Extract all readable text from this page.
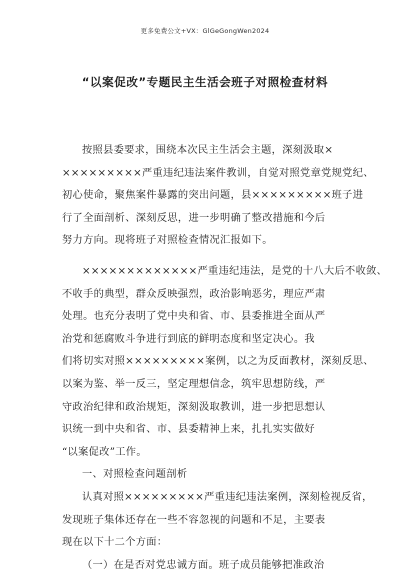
更多免费公文+VX：GlGeGongWen2024
“以案促改”专题民主生活会班子对照检查材料
按照县委要求，围绕本次民主生活会主题，深刻汲取×
×××××××××严重违纪违法案件教训，自觉对照党章党规党纪、
初心使命，聚焦案件暴露的突出问题，县×××××××××班子进
行了全面剖析、深刻反思，进一步明确了整改措施和今后
努力方向。现将班子对照检查情况汇报如下。
×××××××××××××严重违纪违法，是党的十八大后不收敛、
不收手的典型，群众反映强烈，政治影响恶劣，理应严肃
处理。也充分表明了党中央和省、市、县委推进全面从严
治党和惩腐败斗争进行到底的鲜明态度和坚定决心。我
们将切实对照×××××××××案例，以之为反面教材，深刻反思、
以案为鉴、举一反三，坚定理想信念，筑牢思想防线，严
守政治纪律和政治规矩，深刻汲取教训，进一步把思想认
识统一到中央和省、市、县委精神上来，扎扎实实做好
“以案促改”工作。
一、对照检查问题剖析
认真对照×××××××××严重违纪违法案例，深刻检视反省，
发现班子集体还存在一些不容忽视的问题和不足，主要表
现在以下十二个方面：
（一）在是否对党忠诚方面。班子成员能够把准政治
